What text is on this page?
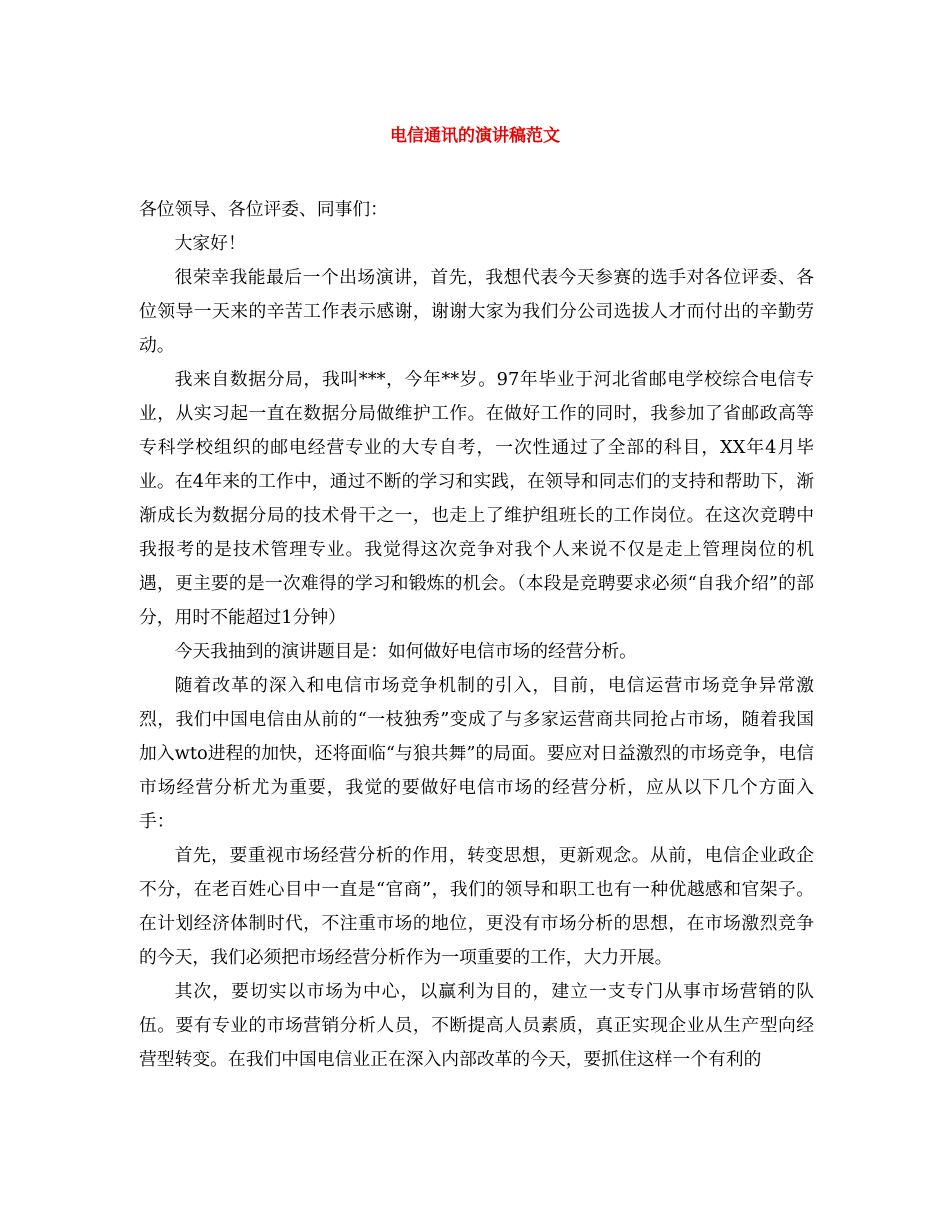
电信通讯的演讲稿范文

各位领导、各位评委、同事们：

大家好！

很荣幸我能最后一个出场演讲，首先，我想代表今天参赛的选手对各位评委、各位领导一天来的辛苦工作表示感谢，谢谢大家为我们分公司选拔人才而付出的辛勤劳动。

我来自数据分局，我叫***，今年**岁。97年毕业于河北省邮电学校综合电信专业，从实习起一直在数据分局做维护工作。在做好工作的同时，我参加了省邮政高等专科学校组织的邮电经营专业的大专自考，一次性通过了全部的科目，XX年4月毕业。在4年来的工作中，通过不断的学习和实践，在领导和同志们的支持和帮助下，渐渐成长为数据分局的技术骨干之一，也走上了维护组班长的工作岗位。在这次竞聘中我报考的是技术管理专业。我觉得这次竞争对我个人来说不仅是走上管理岗位的机遇，更主要的是一次难得的学习和锻炼的机会。（本段是竞聘要求必须“自我介绍”的部分，用时不能超过1分钟）

今天我抽到的演讲题目是：如何做好电信市场的经营分析。

随着改革的深入和电信市场竞争机制的引入，目前，电信运营市场竞争异常激烈，我们中国电信由从前的“一枝独秀”变成了与多家运营商共同抢占市场，随着我国加入wto进程的加快，还将面临“与狼共舞”的局面。要应对日益激烈的市场竞争，电信市场经营分析尤为重要，我觉的要做好电信市场的经营分析，应从以下几个方面入手：

首先，要重视市场经营分析的作用，转变思想，更新观念。从前，电信企业政企不分，在老百姓心目中一直是“官商”，我们的领导和职工也有一种优越感和官架子。在计划经济体制时代，不注重市场的地位，更没有市场分析的思想，在市场激烈竞争的今天，我们必须把市场经营分析作为一项重要的工作，大力开展。

其次，要切实以市场为中心，以赢利为目的，建立一支专门从事市场营销的队伍。要有专业的市场营销分析人员，不断提高人员素质，真正实现企业从生产型向经营型转变。在我们中国电信业正在深入内部改革的今天，要抓住这样一个有利的
